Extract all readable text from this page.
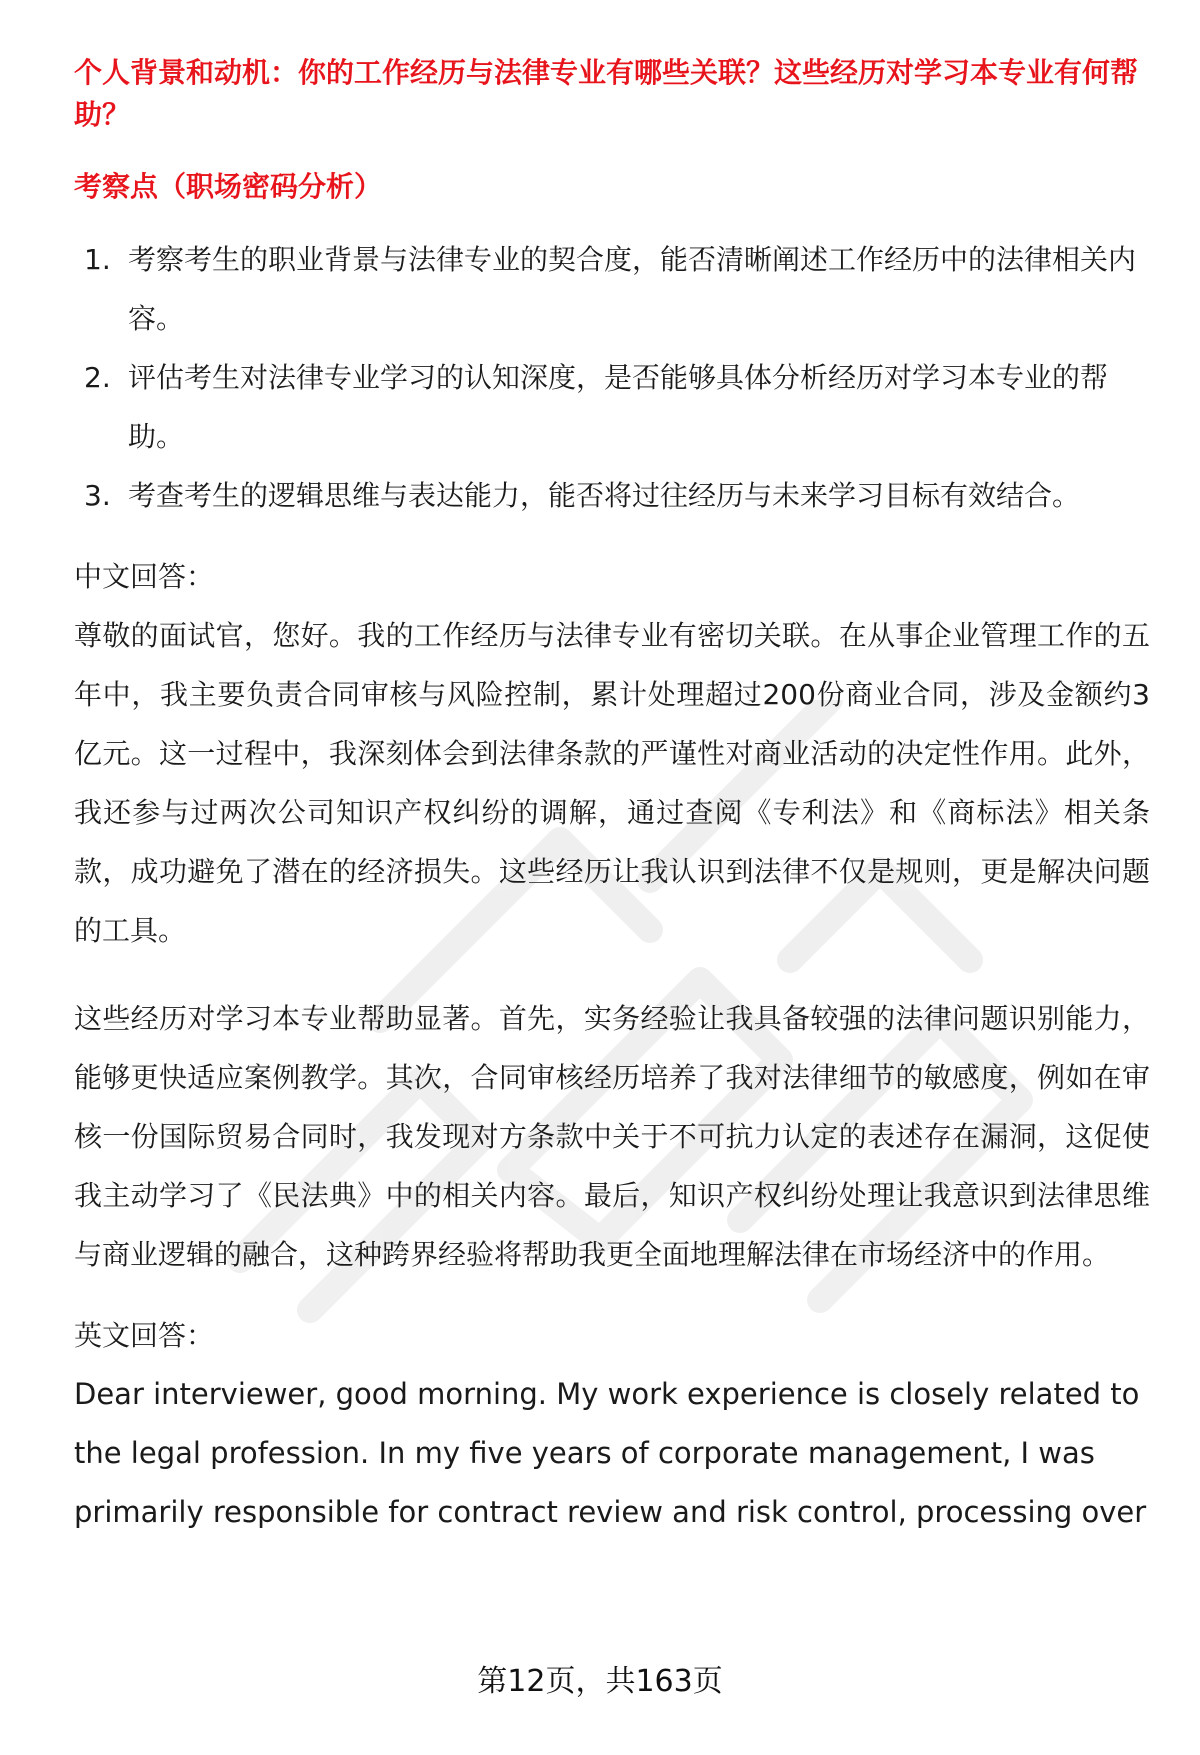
个人背景和动机：你的工作经历与法律专业有哪些关联？这些经历对学习本专业有何帮助？

考察点（职场密码分析）

1. 考察考生的职业背景与法律专业的契合度，能否清晰阐述工作经历中的法律相关内容。
2. 评估考生对法律专业学习的认知深度，是否能够具体分析经历对学习本专业的帮助。
3. 考查考生的逻辑思维与表达能力，能否将过往经历与未来学习目标有效结合。

中文回答：

尊敬的面试官，您好。我的工作经历与法律专业有密切关联。在从事企业管理工作的五年中，我主要负责合同审核与风险控制，累计处理超过200份商业合同，涉及金额约3亿元。这一过程中，我深刻体会到法律条款的严谨性对商业活动的决定性作用。此外，我还参与过两次公司知识产权纠纷的调解，通过查阅《专利法》和《商标法》相关条款，成功避免了潜在的经济损失。这些经历让我认识到法律不仅是规则，更是解决问题的工具。

这些经历对学习本专业帮助显著。首先，实务经验让我具备较强的法律问题识别能力，能够更快适应案例教学。其次，合同审核经历培养了我对法律细节的敏感度，例如在审核一份国际贸易合同时，我发现对方条款中关于不可抗力认定的表述存在漏洞，这促使我主动学习了《民法典》中的相关内容。最后，知识产权纠纷处理让我意识到法律思维与商业逻辑的融合，这种跨界经验将帮助我更全面地理解法律在市场经济中的作用。

英文回答：

Dear interviewer, good morning. My work experience is closely related to the legal profession. In my five years of corporate management, I was primarily responsible for contract review and risk control, processing over

第12页，共163页
